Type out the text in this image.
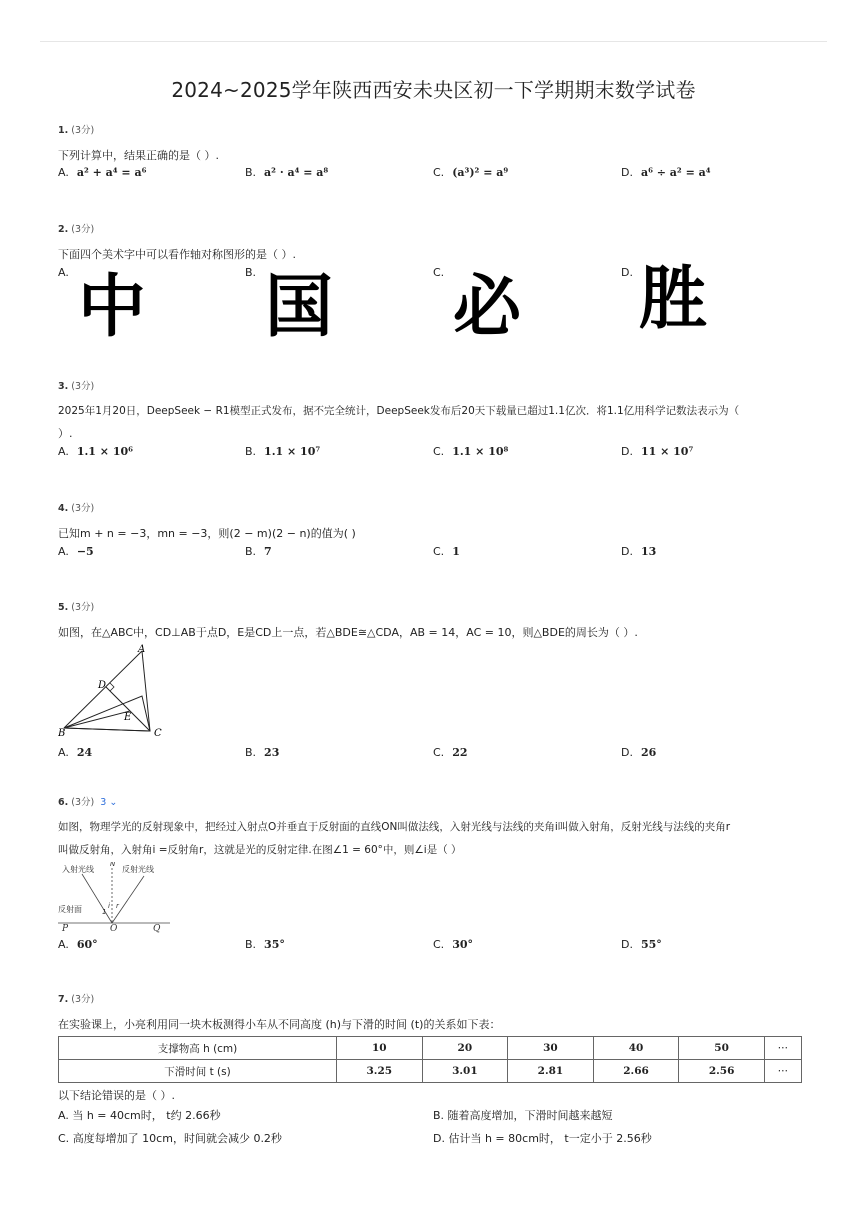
2024~2025学年陕西西安未央区初一下学期期末数学试卷
1. (3分)
下列计算中，结果正确的是（ ）.
A. a² + a⁴ = a⁶	B. a² · a⁴ = a⁸	C. (a³)² = a⁹	D. a⁶ ÷ a² = a⁴
2. (3分)
下面四个美术字中可以看作轴对称图形的是（ ）.
A.	B.	C.	D.
中 国 必 胜
3. (3分)
2025年1月20日，DeepSeek − R1模型正式发布，据不完全统计，DeepSeek发布后20天下载量已超过1.1亿次．将1.1亿用科学记数法表示为（
）.
A. 1.1 × 10⁶	B. 1.1 × 10⁷	C. 1.1 × 10⁸	D. 11 × 10⁷
4. (3分)
已知m + n = −3，mn = −3，则(2 − m)(2 − n)的值为( )
A. −5	B. 7	C. 1	D. 13
5. (3分)
如图，在△ABC中，CD⊥AB于点D，E是CD上一点，若△BDE≅△CDA，AB = 14，AC = 10，则△BDE的周长为（ ）.
A
B	C
D
E
A. 24	B. 23	C. 22	D. 26
6. (3分) 3 ⌄
如图，物理学光的反射现象中，把经过入射点O并垂直于反射面的直线ON叫做法线，入射光线与法线的夹角i叫做入射角，反射光线与法线的夹角r
叫做反射角，入射角i =反射角r，这就是光的反射定律.在图∠1 = 60°中，则∠i是（ ）
入射光线	反射光线
N
反射面	1
i r
P	O	Q
A. 60°	B. 35°	C. 30°	D. 55°
7. (3分)
在实验课上，小亮利用同一块木板测得小车从不同高度 (h)与下滑的时间 (t)的关系如下表：
支撑物高 h (cm)	10	20	30	40	50	⋯
下滑时间 t (s)	3.25	3.01	2.81	2.66	2.56	⋯
以下结论错误的是（ ）.
A. 当 h = 40cm时， t约 2.66秒	B. 随着高度增加，下滑时间越来越短
C. 高度每增加了 10cm，时间就会减少 0.2秒	D. 估计当 h = 80cm时， t一定小于 2.56秒
